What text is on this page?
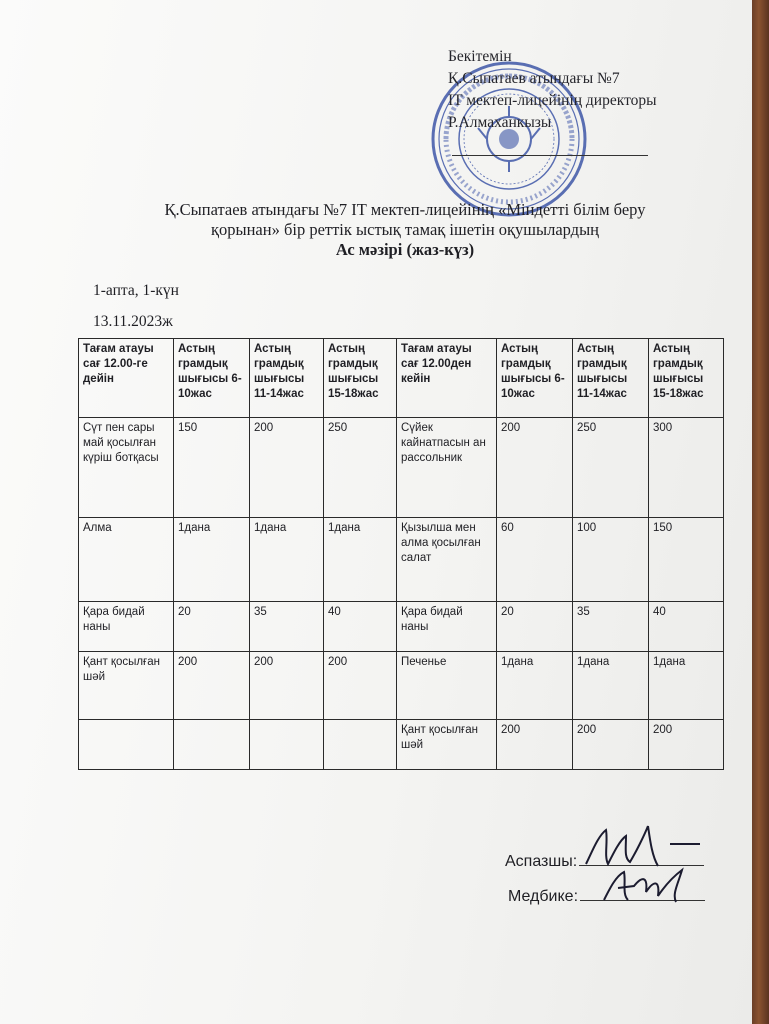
Бекітемін
Қ.Сыпатаев атындағы №7
IT мектеп-лицейінің директоры
Р.Алмаханкызы
Қ.Сыпатаев атындағы №7 IT мектеп-лицейінің «Міндетті білім беру
қорынан» бір реттік ыстық тамақ ішетін оқушылардың
Ас мәзірі (жаз-күз)
1-апта, 1-күн
13.11.2023ж
Тағам атауы сағ 12.00-ге дейін	Астың грамдық шығысы 6-10жас	Астың грамдық шығысы 11-14жас	Астың грамдық шығысы 15-18жас	Тағам атауы сағ 12.00ден кейін	Астың грамдық шығысы 6-10жас	Астың грамдық шығысы 11-14жас	Астың грамдық шығысы 15-18жас
Сүт пен сары май қосылған күріш ботқасы	150	200	250	Сүйек кайнатпасын ан рассольник	200	250	300
Алма	1дана	1дана	1дана	Қызылша мен алма қосылған салат	60	100	150
Қара бидай наны	20	35	40	Қара бидай наны	20	35	40
Қант қосылған шәй	200	200	200	Печенье	1дана	1дана	1дана
				Қант қосылған шәй	200	200	200
Аспазшы:
Медбике:
